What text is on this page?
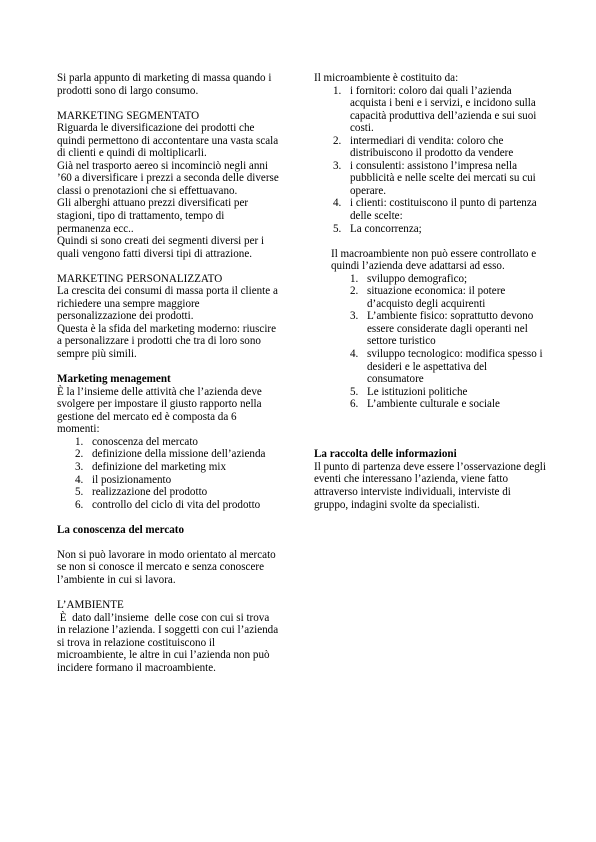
Si parla appunto di marketing di massa quando i prodotti sono di largo consumo.

MARKETING SEGMENTATO

Riguarda le diversificazione dei prodotti che quindi permettono di accontentare una vasta scala di clienti e quindi di moltiplicarli.

Già nel trasporto aereo si incominciò negli anni ’60 a diversificare i prezzi a seconda delle diverse classi o prenotazioni che si effettuavano.

Gli alberghi attuano prezzi diversificati per stagioni, tipo di trattamento, tempo di permanenza ecc..

Quindi si sono creati dei segmenti diversi per i quali vengono fatti diversi tipi di attrazione.

MARKETING PERSONALIZZATO

La crescita dei consumi di massa porta il cliente a richiedere una sempre maggiore personalizzazione dei prodotti.

Questa è la sfida del marketing moderno: riuscire a personalizzare i prodotti che tra di loro sono sempre più simili.

Marketing menagement

È la l’insieme delle attività che l’azienda deve svolgere per impostare il giusto rapporto nella gestione del mercato ed è composta da 6 momenti:

1. conoscenza del mercato
2. definizione della missione dell’azienda
3. definizione del marketing mix
4. il posizionamento
5. realizzazione del prodotto
6. controllo del ciclo di vita del prodotto

La conoscenza del mercato

Non si può lavorare in modo orientato al mercato se non si conosce il mercato e senza conoscere l’ambiente in cui si lavora.

L’AMBIENTE

È  dato dall’insieme  delle cose con cui si trova in relazione l’azienda. I soggetti con cui l’azienda si trova in relazione costituiscono il microambiente, le altre in cui l’azienda non può incidere formano il macroambiente.

Il microambiente è costituito da:

1. i fornitori: coloro dai quali l’azienda acquista i beni e i servizi, e incidono sulla capacità produttiva dell’azienda e sui suoi costi.
2. intermediari di vendita: coloro che distribuiscono il prodotto da vendere
3. i consulenti: assistono l’impresa nella pubblicità e nelle scelte dei mercati su cui operare.
4. i clienti: costituiscono il punto di partenza delle scelte:
5. La concorrenza;

Il macroambiente non può essere controllato e quindi l’azienda deve adattarsi ad esso.

1. sviluppo demografico;
2. situazione economica: il potere d’acquisto degli acquirenti
3. L’ambiente fisico: soprattutto devono essere considerate dagli operanti nel settore turistico
4. sviluppo tecnologico: modifica spesso i desideri e le aspettativa del consumatore
5. Le istituzioni politiche
6. L’ambiente culturale e sociale

La raccolta delle informazioni

Il punto di partenza deve essere l’osservazione degli eventi che interessano l’azienda, viene fatto attraverso interviste individuali, interviste di gruppo, indagini svolte da specialisti.
